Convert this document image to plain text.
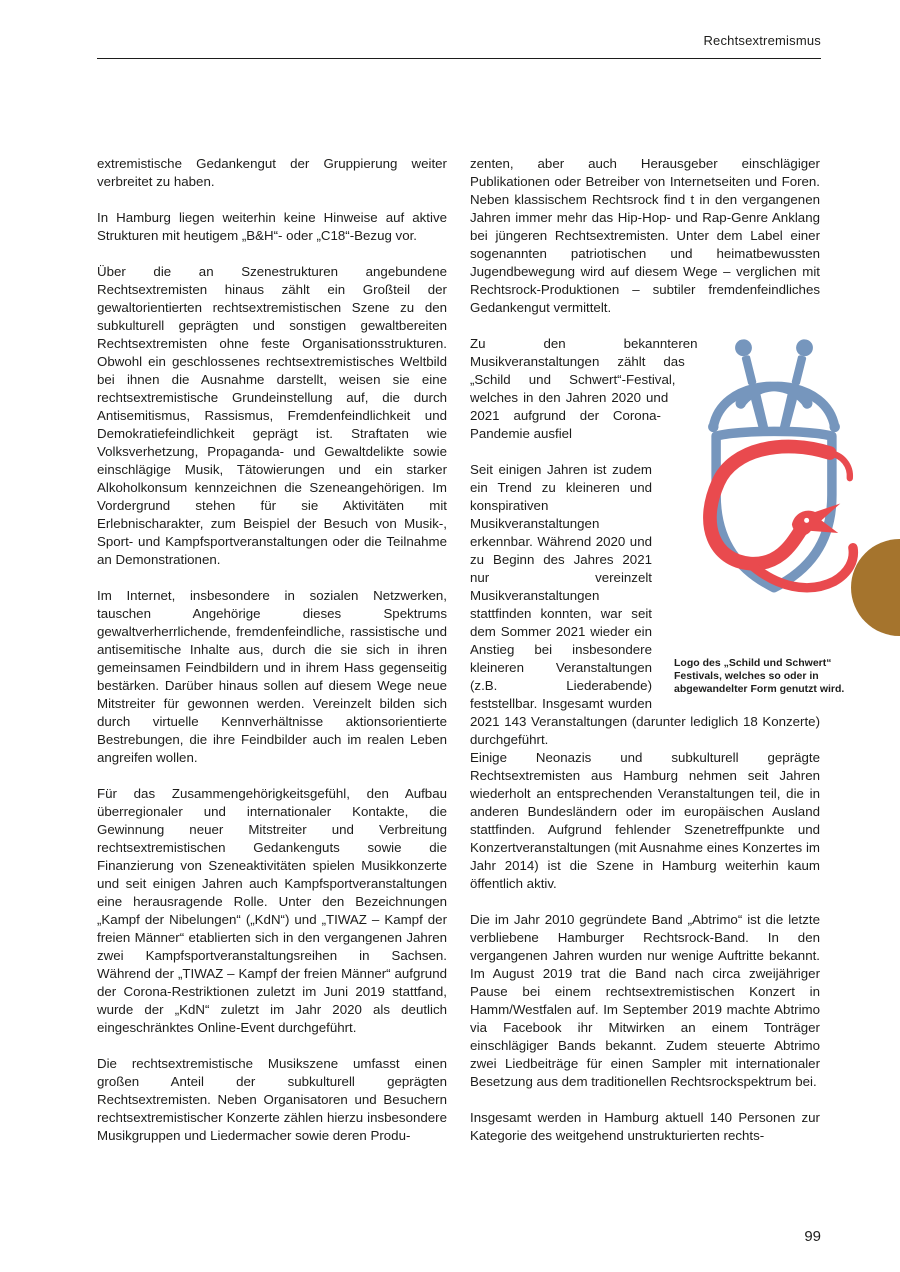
Rechtsextremismus

extremistische Gedankengut der Gruppierung weiter verbreitet zu haben.

In Hamburg liegen weiterhin keine Hinweise auf aktive Strukturen mit heutigem „B&H“- oder „C18“-Bezug vor.

Über die an Szenestrukturen angebundene Rechtsextremisten hinaus zählt ein Großteil der gewaltorientierten rechtsextremistischen Szene zu den subkulturell geprägten und sonstigen gewaltbereiten Rechtsextremisten ohne feste Organisationsstrukturen. Obwohl ein geschlossenes rechtsextremistisches Weltbild bei ihnen die Ausnahme darstellt, weisen sie eine rechtsextremistische Grundeinstellung auf, die durch Antisemitismus, Rassismus, Fremdenfeindlichkeit und Demokratiefeindlichkeit geprägt ist. Straftaten wie Volksverhetzung, Propaganda- und Gewaltdelikte sowie einschlägige Musik, Tätowierungen und ein starker Alkoholkonsum kennzeichnen die Szeneangehörigen. Im Vordergrund stehen für sie Aktivitäten mit Erlebnischarakter, zum Beispiel der Besuch von Musik-, Sport- und Kampfsportveranstaltungen oder die Teilnahme an Demonstrationen.

Im Internet, insbesondere in sozialen Netzwerken, tauschen Angehörige dieses Spektrums gewaltverherrlichende, fremdenfeindliche, rassistische und antisemitische Inhalte aus, durch die sie sich in ihren gemeinsamen Feindbildern und in ihrem Hass gegenseitig bestärken. Darüber hinaus sollen auf diesem Wege neue Mitstreiter für gewonnen werden. Vereinzelt bilden sich durch virtuelle Kennverhältnisse aktionsorientierte Bestrebungen, die ihre Feindbilder auch im realen Leben angreifen wollen.

Für das Zusammengehörigkeitsgefühl, den Aufbau überregionaler und internationaler Kontakte, die Gewinnung neuer Mitstreiter und Verbreitung rechtsextremistischen Gedankenguts sowie die Finanzierung von Szeneaktivitäten spielen Musikkonzerte und seit einigen Jahren auch Kampfsportveranstaltungen eine herausragende Rolle. Unter den Bezeichnungen „Kampf der Nibelungen“ („KdN“) und „TIWAZ – Kampf der freien Männer“ etablierten sich in den vergangenen Jahren zwei Kampfsportveranstaltungsreihen in Sachsen. Während der „TIWAZ – Kampf der freien Männer“ aufgrund der Corona-Restriktionen zuletzt im Juni 2019 stattfand, wurde der „KdN“ zuletzt im Jahr 2020 als deutlich eingeschränktes Online-Event durchgeführt.

Die rechtsextremistische Musikszene umfasst einen großen Anteil der subkulturell geprägten Rechtsextremisten. Neben Organisatoren und Besuchern rechtsextremistischer Konzerte zählen hierzu insbesondere Musikgruppen und Liedermacher sowie deren Produ-

zenten, aber auch Herausgeber einschlägiger Publikationen oder Betreiber von Internetseiten und Foren. Neben klassischem Rechtsrock find t in den vergangenen Jahren immer mehr das Hip-Hop- und Rap-Genre Anklang bei jüngeren Rechtsextremisten. Unter dem Label einer sogenannten patriotischen und heimatbewussten Jugendbewegung wird auf diesem Wege – verglichen mit Rechtsrock-Produktionen – subtiler fremdenfeindliches Gedankengut vermittelt.

Logo des „Schild und Schwert“ Festivals, welches so oder in abgewandelter Form genutzt wird.

Zu den bekannteren Musikveranstaltungen zählt das „Schild und Schwert“-Festival, welches in den Jahren 2020 und 2021 aufgrund der Corona-Pandemie ausfiel

Seit einigen Jahren ist zudem ein Trend zu kleineren und konspirativen Musikveranstaltungen erkennbar. Während 2020 und zu Beginn des Jahres 2021 nur vereinzelt Musikveranstaltungen stattfinden konnten, war seit dem Sommer 2021 wieder ein Anstieg bei insbesondere kleineren Veranstaltungen (z.B. Liederabende) feststellbar. Insgesamt wurden 2021 143 Veranstaltungen (darunter lediglich 18 Konzerte) durchgeführt.

Einige Neonazis und subkulturell geprägte Rechtsextremisten aus Hamburg nehmen seit Jahren wiederholt an entsprechenden Veranstaltungen teil, die in anderen Bundesländern oder im europäischen Ausland stattfinden. Aufgrund fehlender Szenetreffpunkte und Konzertveranstaltungen (mit Ausnahme eines Konzertes im Jahr 2014) ist die Szene in Hamburg weiterhin kaum öffentlich aktiv.

Die im Jahr 2010 gegründete Band „Abtrimo“ ist die letzte verbliebene Hamburger Rechtsrock-Band. In den vergangenen Jahren wurden nur wenige Auftritte bekannt. Im August 2019 trat die Band nach circa zweijähriger Pause bei einem rechtsextremistischen Konzert in Hamm/Westfalen auf. Im September 2019 machte Abtrimo via Facebook ihr Mitwirken an einem Tonträger einschlägiger Bands bekannt. Zudem steuerte Abtrimo zwei Liedbeiträge für einen Sampler mit internationaler Besetzung aus dem traditionellen Rechtsrockspektrum bei.

Insgesamt werden in Hamburg aktuell 140 Personen zur Kategorie des weitgehend unstrukturierten rechts-

99
